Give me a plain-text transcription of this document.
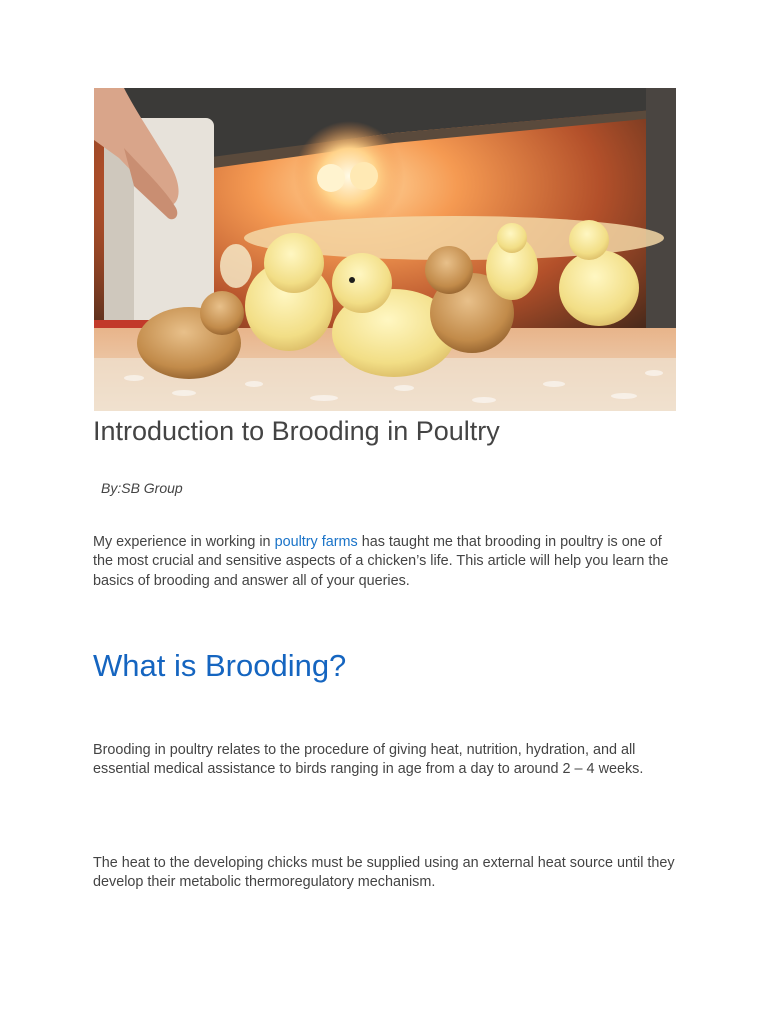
Introduction to Brooding in Poultry

By:SB Group

My experience in working in poultry farms has taught me that brooding in poultry is one of the most crucial and sensitive aspects of a chicken’s life. This article will help you learn the basics of brooding and answer all of your queries.

What is Brooding?

Brooding in poultry relates to the procedure of giving heat, nutrition, hydration, and all essential medical assistance to birds ranging in age from a day to around 2 – 4 weeks.

The heat to the developing chicks must be supplied using an external heat source until they develop their metabolic thermoregulatory mechanism.
